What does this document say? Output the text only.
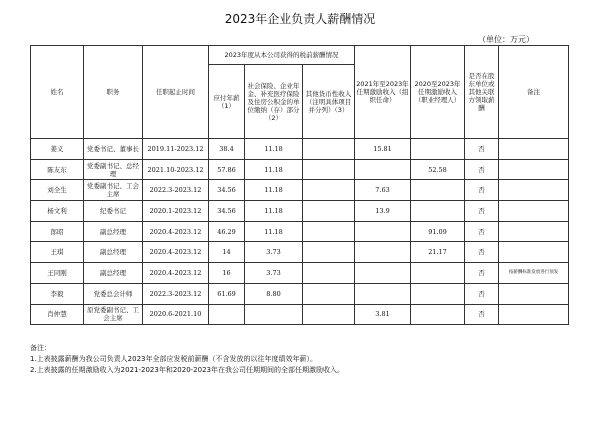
2023年企业负责人薪酬情况
（单位：万元）
姓名	职务	任职起止时间	2023年度从本公司获得的税前薪酬情况			2021年至2023年任期激励收入（组织任命）	2020至2023年任期激励收入（职业经理人）	是否在股东单位或其他关联方领取薪酬	备注
			应付年薪（1）	社会保险、企业年金、补充医疗保险及住房公积金的单位缴纳（存）部分（2）	其他货币性收入（注明具体项目并分列）（3）				
姜义	党委书记、董事长	2019.11-2023.12	38.4	11.18		15.81		否	
陈友东	党委副书记、总经理	2021.10-2023.12	57.86	11.18			52.58	否	
刘全生	党委副书记、工会主席	2022.3-2023.12	34.56	11.18		7.63		否	
杨文利	纪委书记	2020.1-2023.12	34.56	11.18		13.9		否	
郎昭	副总经理	2020.4-2023.12	46.29	11.18			91.09	否	
王琪	副总经理	2020.4-2023.12	14	3.73			21.17	否	
王同刚	副总经理	2020.4-2023.12	16	3.73				否	按薪酬标准发放进行预发
李毅	党委总会计师	2022.3-2023.12	61.69	8.80				否	
肖仲慧	原党委副书记、工会主席	2020.6-2021.10				3.81		否	
备注：
1.上表披露薪酬为我公司负责人2023年全部应发税前薪酬（不含发放的以往年度绩效年薪）。
2.上表披露的任期激励收入为2021-2023年和2020-2023年在我公司任期期间的全部任期激励收入。
